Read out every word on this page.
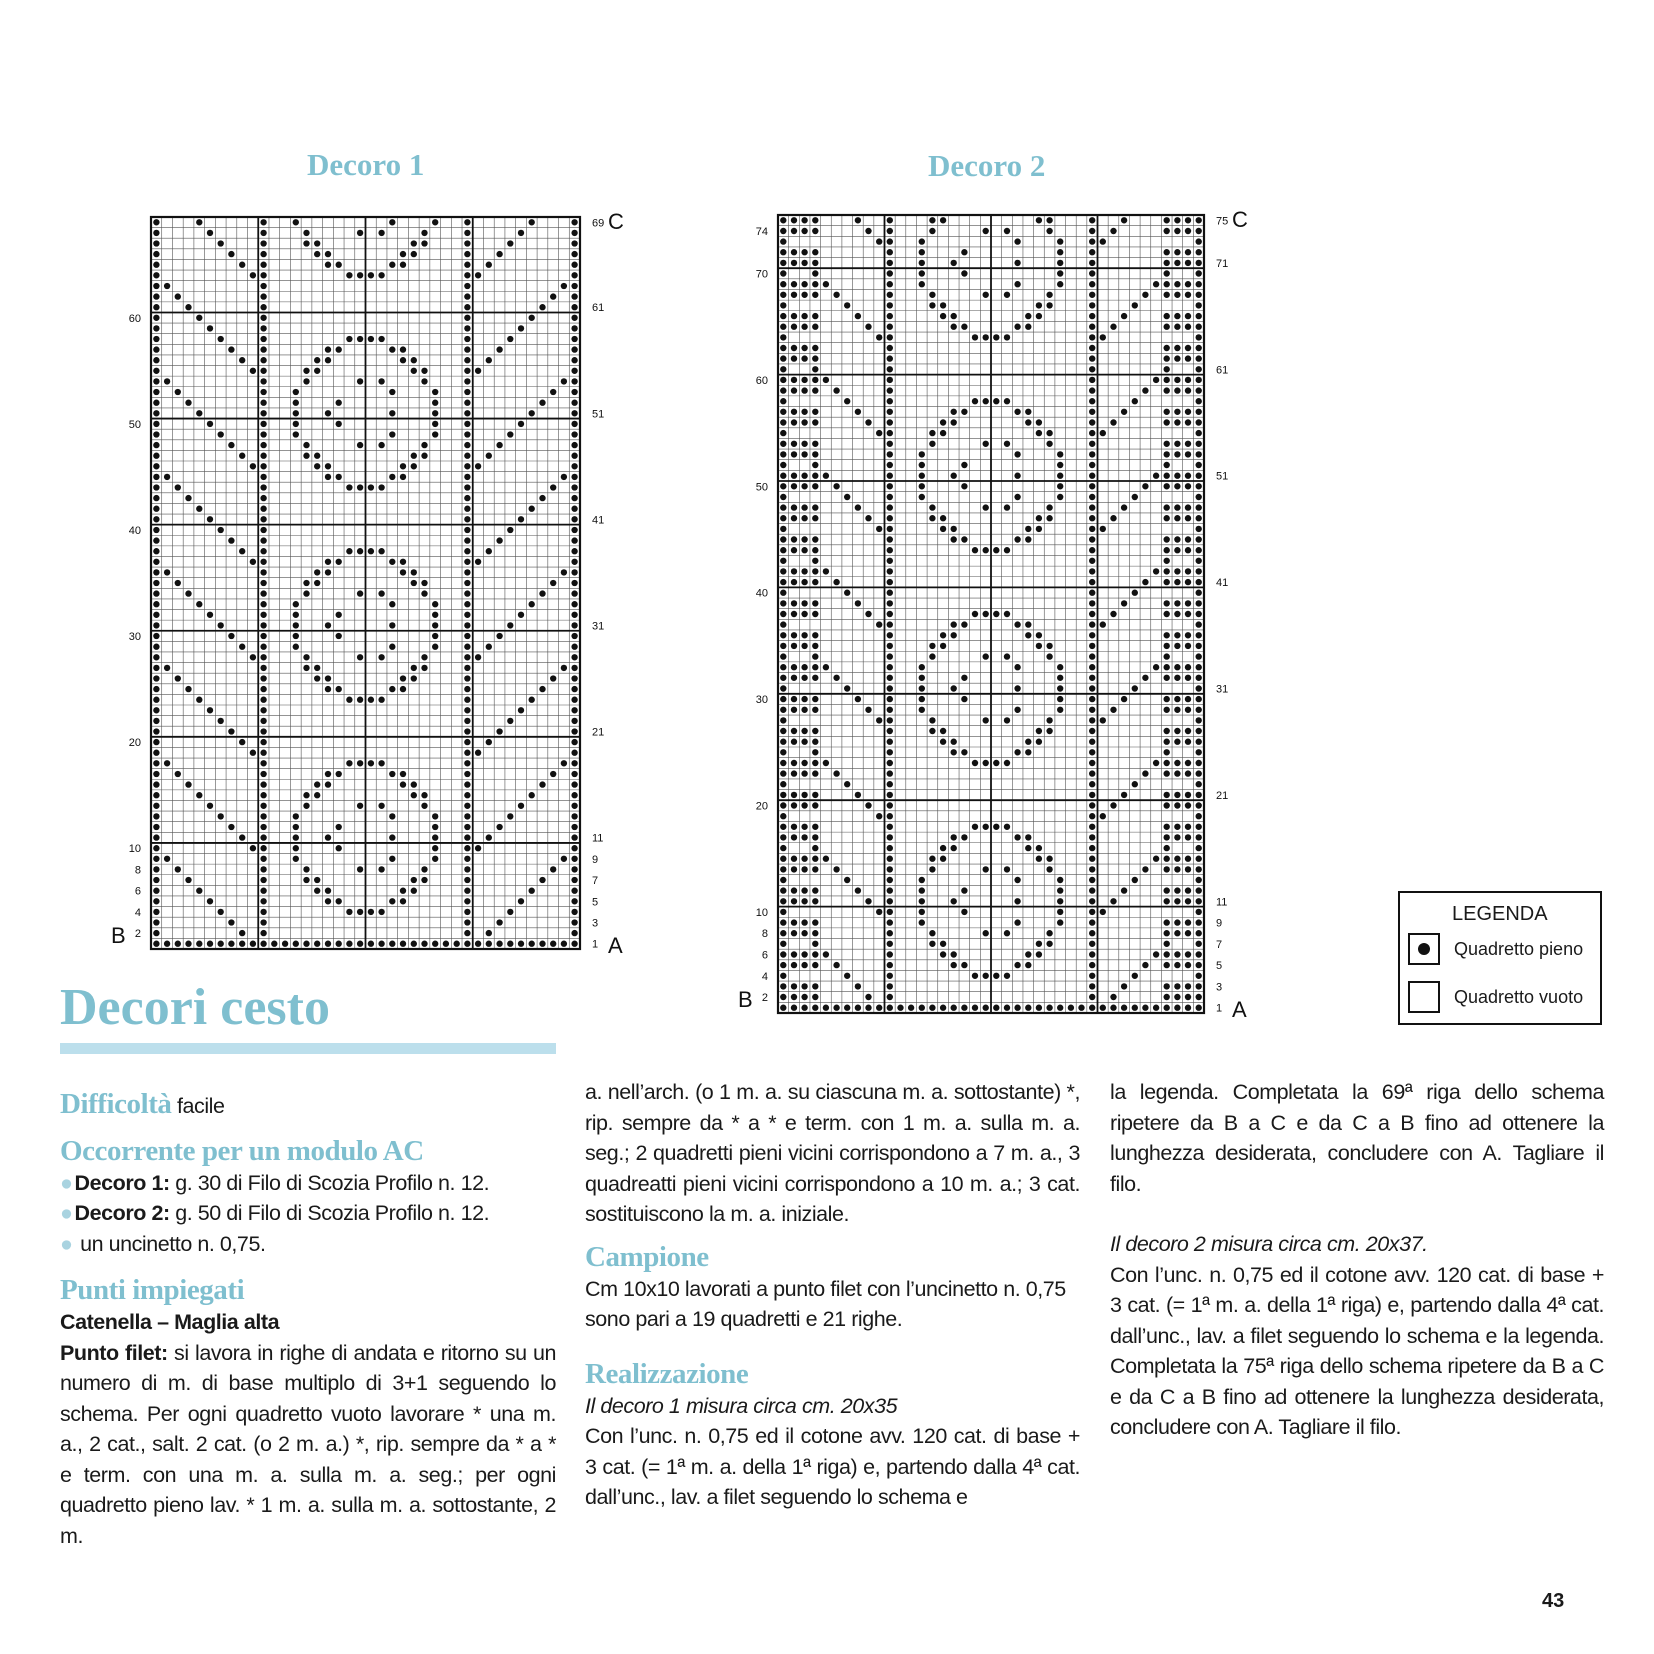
Decoro 1	Decoro 2
2
4
6
8
10
20
30
40
50
60
1
3
5
7
9
11
21
31
41
51
61
69
B	A
C
2
4
6
8
10
20
30
40
50
60
70
74
1
3
5
7
9
11
21
31
41
51
61
71
75
B	A
C
LEGENDA
Quadretto pieno
Quadretto vuoto
Decori cesto

Difficoltà facile

Occorrente per un modulo AC

●Decoro 1: g. 30 di Filo di Scozia Profilo n. 12.

●Decoro 2: g. 50 di Filo di Scozia Profilo n. 12.

● un uncinetto n. 0,75.

Punti impiegati

Catenella – Maglia alta

Punto filet: si lavora in righe di andata e ritorno su un numero di m. di base multiplo di 3+1 seguendo lo schema. Per ogni quadretto vuoto lavorare * una m. a., 2 cat., salt. 2 cat. (o 2 m. a.) *, rip. sempre da * a * e term. con una m. a. sulla m. a. seg.; per ogni quadretto pieno lav. * 1 m. a. sulla m. a. sottostante, 2 m.

a. nell’arch. (o 1 m. a. su ciascuna m. a. sottostante) *, rip. sempre da * a * e term. con 1 m. a. sulla m. a. seg.; 2 quadretti pieni vicini corrispondono a 7 m. a., 3 quadreatti pieni vicini corrispondono a 10 m. a.; 3 cat. sostituiscono la m. a. iniziale.

Campione

Cm 10x10 lavorati a punto filet con l’uncinetto n. 0,75 sono pari a 19 quadretti e 21 righe.

Realizzazione

Il decoro 1 misura circa cm. 20x35

Con l’unc. n. 0,75 ed il cotone avv. 120 cat. di base + 3 cat. (= 1ª m. a. della 1ª riga) e, partendo dalla 4ª cat. dall’unc., lav. a filet seguendo lo schema e

la legenda. Completata la 69ª riga dello schema ripetere da B a C e da C a B fino ad ottenere la lunghezza desiderata, concludere con A. Tagliare il filo.

Il decoro 2 misura circa cm. 20x37.

Con l’unc. n. 0,75 ed il cotone avv. 120 cat. di base + 3 cat. (= 1ª m. a. della 1ª riga) e, partendo dalla 4ª cat. dall’unc., lav. a filet seguendo lo schema e la legenda. Completata la 75ª riga dello schema ripetere da B a C e da C a B fino ad ottenere la lunghezza desiderata, concludere con A. Tagliare il filo.

43
